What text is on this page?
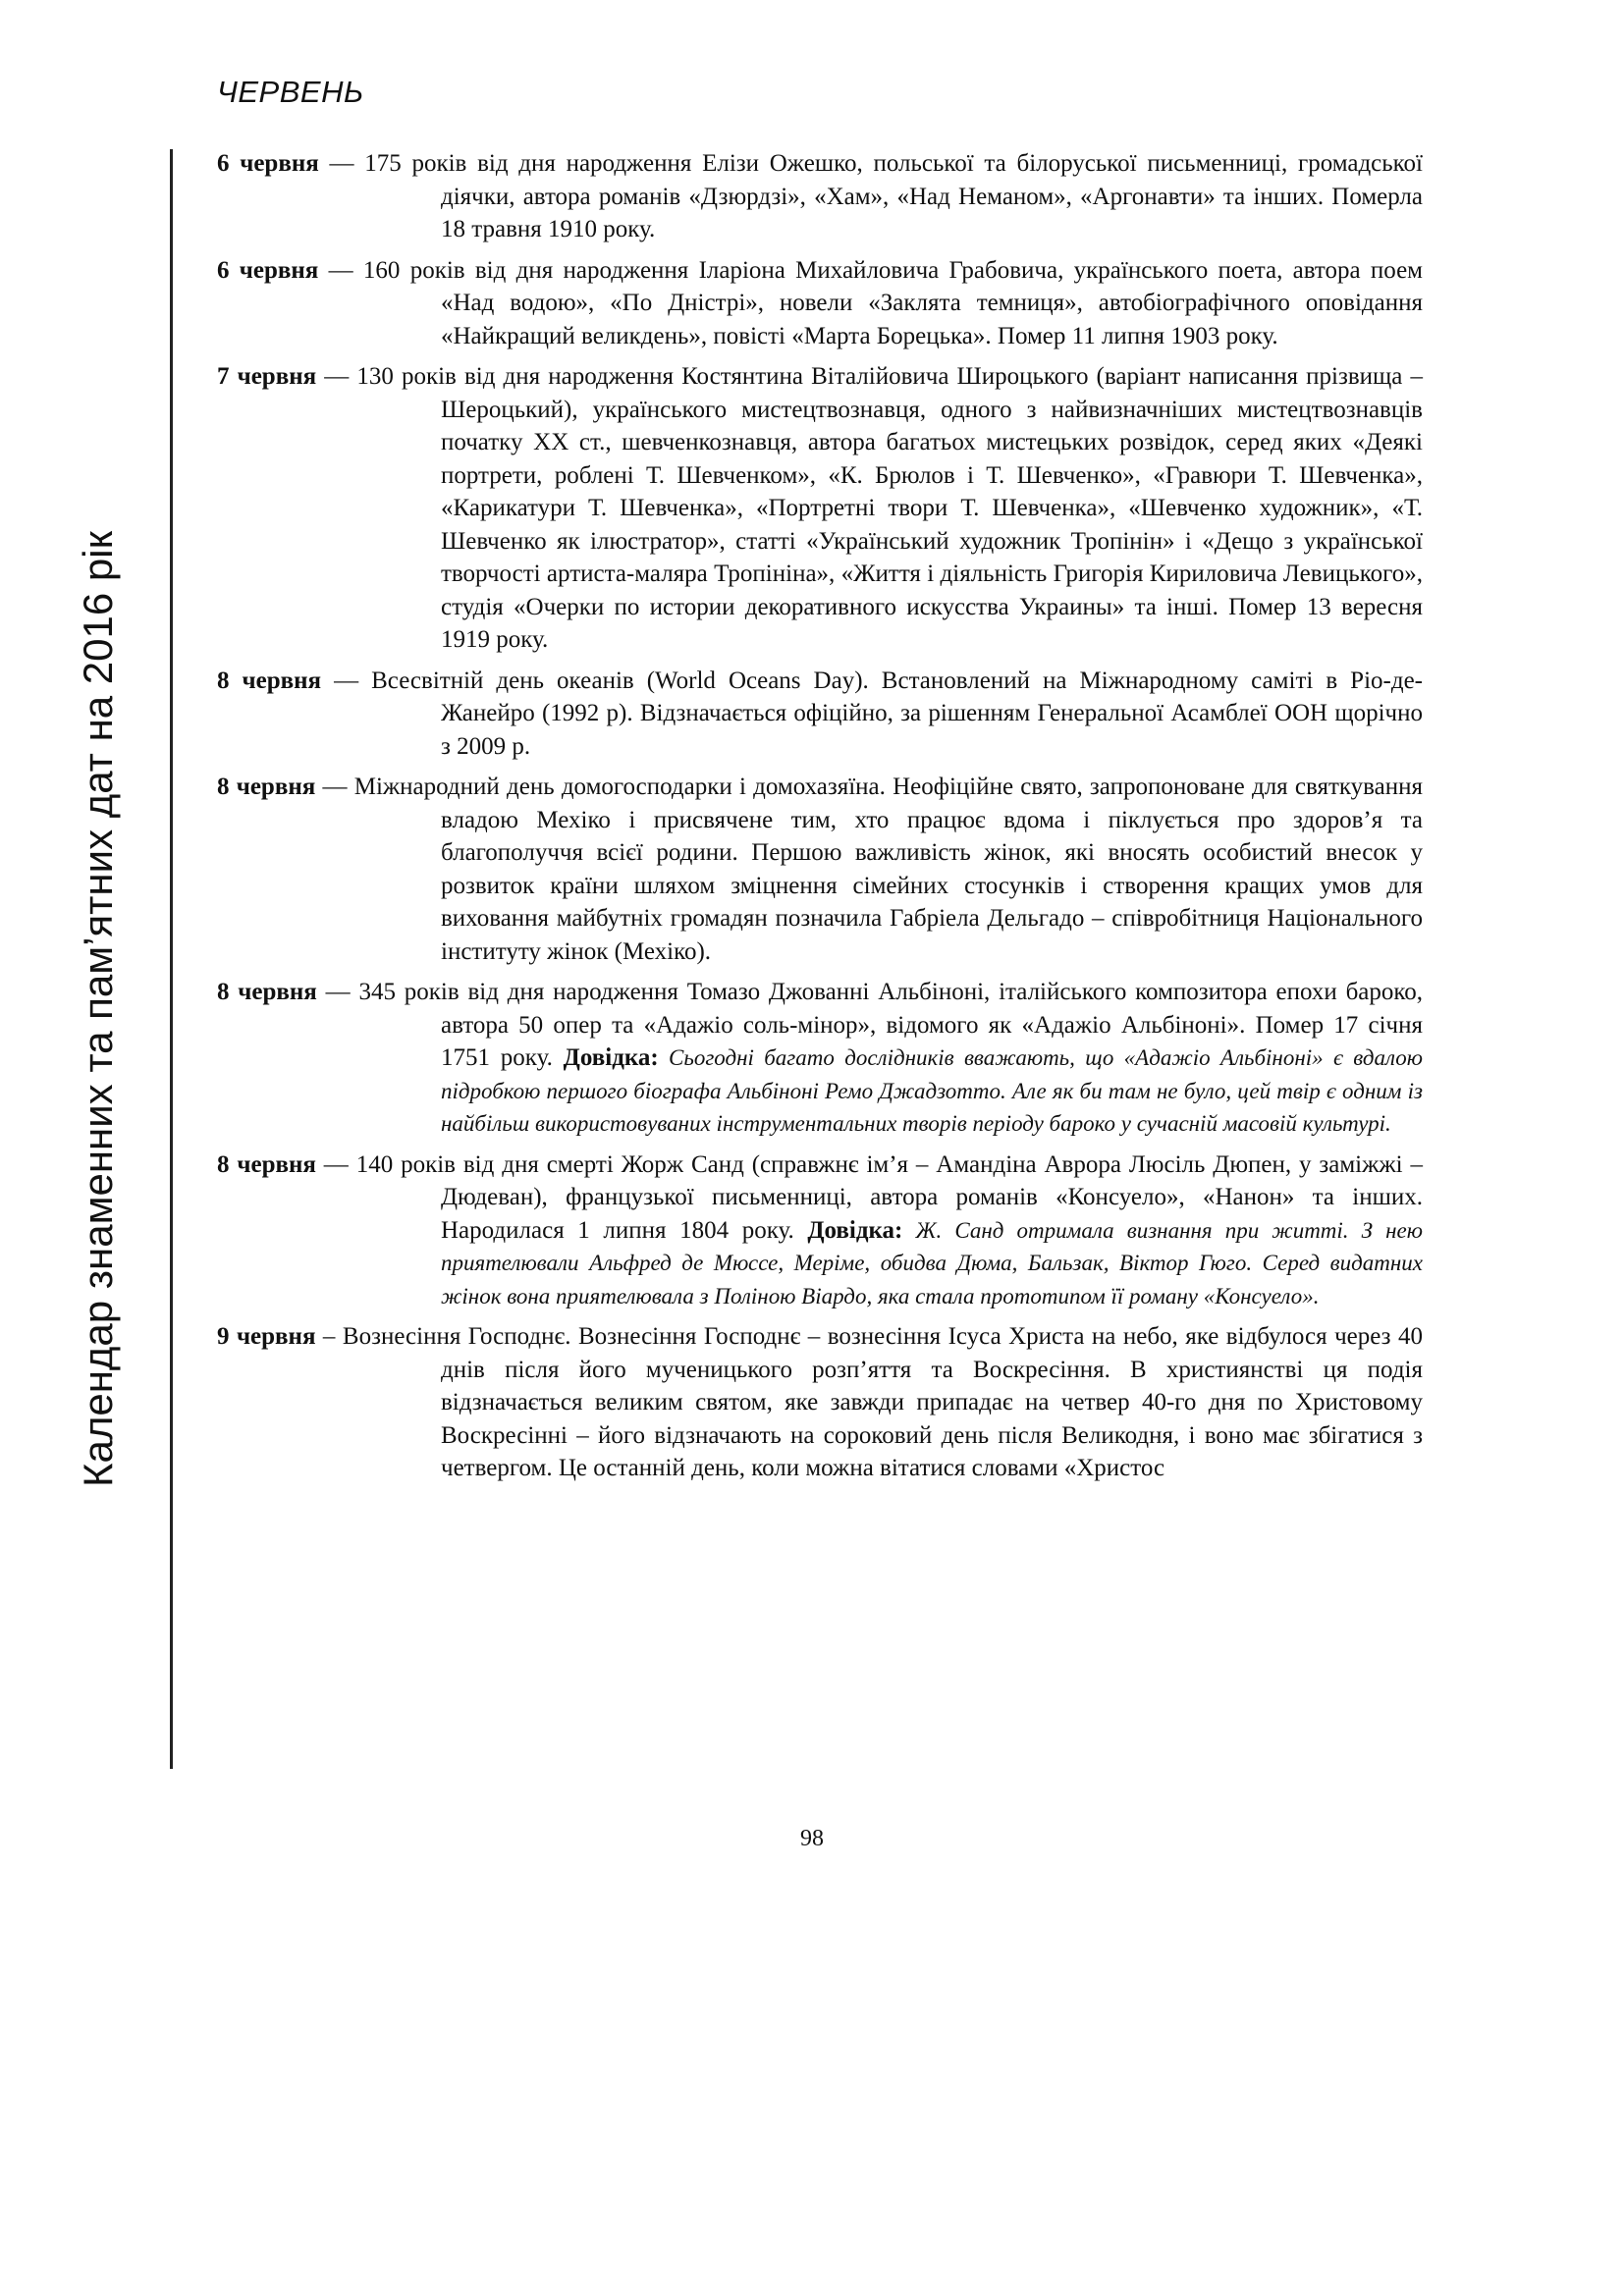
ЧЕРВЕНЬ
Календар знаменних та пам’ятних дат на 2016 рік

6 червня — 175 років від дня народження Елізи Ожешко, польської та білоруської письменниці, громадської діячки, автора романів «Дзюрдзі», «Хам», «Над Неманом», «Аргонавти» та інших. Померла 18 травня 1910 року.

6 червня — 160 років від дня народження Іларіона Михайловича Грабовича, українського поета, автора поем «Над водою», «По Дністрі», новели «Заклята темниця», автобіографічного оповідання «Найкращий великдень», повісті «Марта Борецька». Помер 11 липня 1903 року.

7 червня — 130 років від дня народження Костянтина Віталійовича Широцького (варіант написання прізвища – Шероцький), українського мистецтвознавця, одного з найвизначніших мистецтвознавців початку ХХ ст., шевченкознавця, автора багатьох мистецьких розвідок, серед яких «Деякі портрети, роблені Т. Шевченком», «К. Брюлов і Т. Шевченко», «Гравюри Т. Шевченка», «Карикатури Т. Шевченка», «Портретні твори Т. Шевченка», «Шевченко художник», «Т. Шевченко як ілюстратор», статті «Український художник Тропінін» і «Дещо з української творчості артиста-маляра Тропініна», «Життя і діяльність Григорія Кириловича Левицького», студія «Очерки по истории декоративного искусства Украины» та інші. Помер 13 вересня 1919 року.

8 червня — Всесвітній день океанів (World Oceans Day). Встановлений на Міжнародному саміті в Ріо-де-Жанейро (1992 р). Відзначається офіційно, за рішенням Генеральної Асамблеї ООН щорічно з 2009 р.

8 червня — Міжнародний день домогосподарки і домохазяїна. Неофіційне свято, запропоноване для святкування владою Мехіко і присвячене тим, хто працює вдома і піклується про здоров’я та благополуччя всієї родини. Першою важливість жінок, які вносять особистий внесок у розвиток країни шляхом зміцнення сімейних стосунків і створення кращих умов для виховання майбутніх громадян позначила Габріела Дельгадо – співробітниця Національного інституту жінок (Мехіко).

8 червня — 345 років від дня народження Томазо Джованні Альбіноні, італійського композитора епохи бароко, автора 50 опер та «Адажіо соль-мінор», відомого як «Адажіо Альбіноні». Помер 17 січня 1751 року. Довідка: Сьогодні багато дослідників вважають, що «Адажіо Альбіноні» є вдалою підробкою першого біографа Альбіноні Ремо Джадзотто. Але як би там не було, цей твір є одним із найбільш використовуваних інструментальних творів періоду бароко у сучасній масовій культурі.

8 червня — 140 років від дня смерті Жорж Санд (справжнє ім’я – Амандіна Аврора Люсіль Дюпен, у заміжжі – Дюдеван), французької письменниці, автора романів «Консуело», «Нанон» та інших. Народилася 1 липня 1804 року. Довідка: Ж. Санд отримала визнання при житті. З нею приятелювали Альфред де Мюссе, Меріме, обидва Дюма, Бальзак, Віктор Гюго. Серед видатних жінок вона приятелювала з Поліною Віардо, яка стала прототипом її роману «Консуело».

9 червня – Вознесіння Господнє. Вознесіння Господнє – вознесіння Ісуса Христа на небо, яке відбулося через 40 днів після його мученицького розп’яття та Воскресіння. В християнстві ця подія відзначається великим святом, яке завжди припадає на четвер 40-го дня по Христовому Воскресінні – його відзначають на сороковий день після Великодня, і воно має збігатися з четвергом. Це останній день, коли можна вітатися словами «Христос

98
